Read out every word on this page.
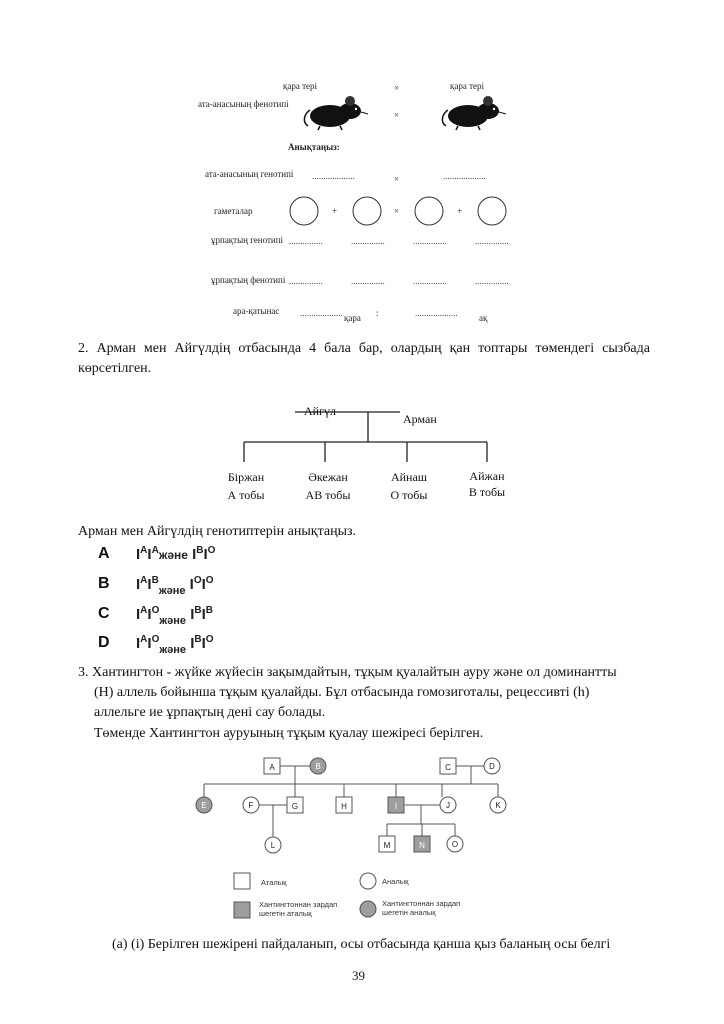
қара тері	қара тері
×
ата-анасының фенотипі
×
Анықтаңыз:
ата-анасының генотипі ...................	×	...................
гаметалар	+	×	+
ұрпақтың генотипі ...............	...............	...............	...............
ұрпақтың фенотипі ...............	...............	...............	...............
ара-қатынас ................... қара :	................... ақ
2. Арман мен Айгүлдің отбасында 4 бала бар, олардың қан топтары төмендегі сызбада көрсетілген.
Айгүл
Арман
Біржан
А тобы
Әкежан
АВ тобы
Айнаш
О тобы
Айжан
В тобы
Арман мен Айгүлдің генотиптерін анықтаңыз.
A $I^AI^Aжәне$ $I^BI^O$
B $I^AI^B_{және}$ $I^OI^O$
C $I^AI^O_{және}$ $I^BI^B$
D $I^AI^O_{және}$ $I^BI^O$
3. Хантингтон - жүйке жүйесін зақымдайтын, тұқым қуалайтын ауру және ол доминантты
(H) аллель бойынша тұқым қуалайды. Бұл отбасында гомозиготалы, рецессивті (h)
аллельге ие ұрпақтың дені сау болады.
Төменде Хантингтон ауруының тұқым қуалау шежіресі берілген.
A	B	C	D
E	F	G	H	I	J	K
L	M	N	O
Аталық	Аналық
Хантингтоннан зардап
шегетін аталық
Хантингтоннан зардап
шегетін аналық
(a) (i) Берілген шежірені пайдаланып, осы отбасында қанша қыз баланың осы белгі
39
